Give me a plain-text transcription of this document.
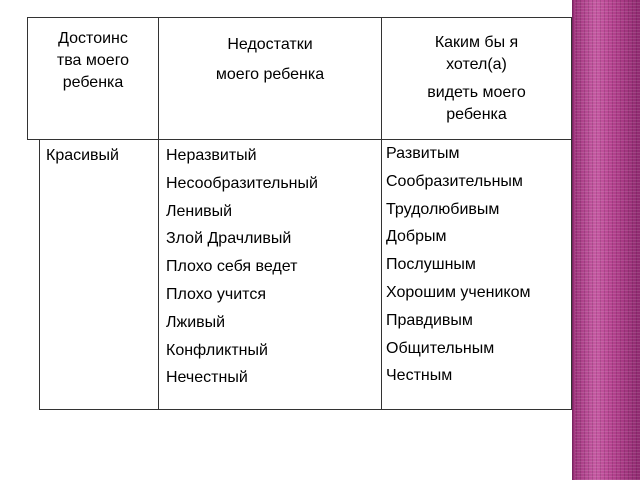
Достоинс
тва моего
ребенка
Недостатки
моего ребенка
Каким бы я
хотел(а)
видеть моего
ребенка
Красивый	Неразвитый
Несообразительный
Ленивый
Злой Драчливый
Плохо себя ведет
Плохо учится
Лживый
Конфликтный
Нечестный
Развитым
Сообразительным
Трудолюбивым
Добрым
Послушным
Хорошим учеником
Правдивым
Общительным
Честным
